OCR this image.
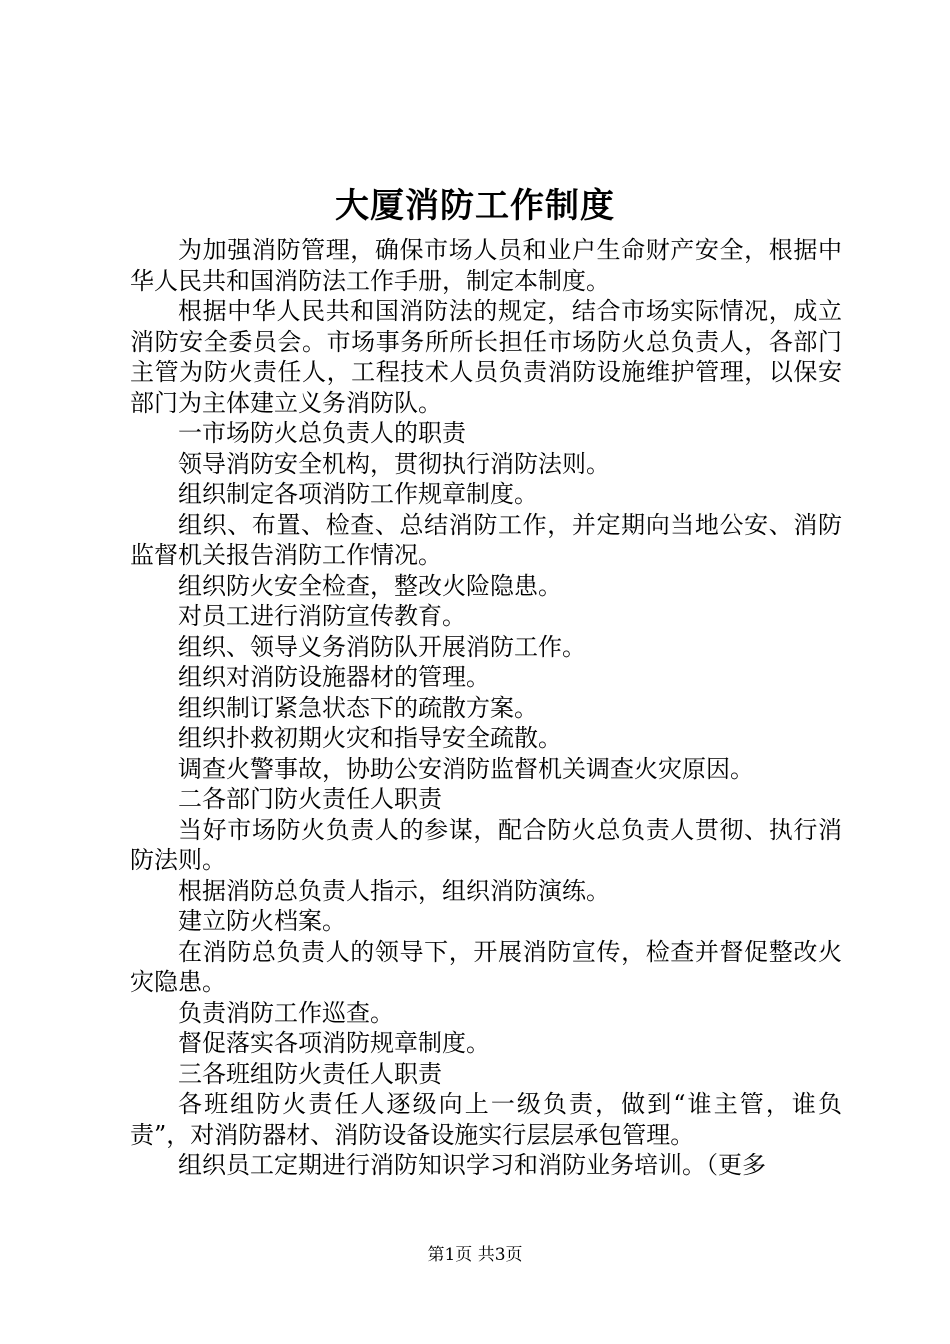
大厦消防工作制度

为加强消防管理，确保市场人员和业户生命财产安全，根据中华人民共和国消防法工作手册，制定本制度。

根据中华人民共和国消防法的规定，结合市场实际情况，成立消防安全委员会。市场事务所所长担任市场防火总负责人，各部门主管为防火责任人，工程技术人员负责消防设施维护管理，以保安部门为主体建立义务消防队。

一市场防火总负责人的职责

领导消防安全机构，贯彻执行消防法则。

组织制定各项消防工作规章制度。

组织、布置、检查、总结消防工作，并定期向当地公安、消防监督机关报告消防工作情况。

组织防火安全检查，整改火险隐患。

对员工进行消防宣传教育。

组织、领导义务消防队开展消防工作。

组织对消防设施器材的管理。

组织制订紧急状态下的疏散方案。

组织扑救初期火灾和指导安全疏散。

调查火警事故，协助公安消防监督机关调查火灾原因。

二各部门防火责任人职责

当好市场防火负责人的参谋，配合防火总负责人贯彻、执行消防法则。

根据消防总负责人指示，组织消防演练。

建立防火档案。

在消防总负责人的领导下，开展消防宣传，检查并督促整改火灾隐患。

负责消防工作巡查。

督促落实各项消防规章制度。

三各班组防火责任人职责

各班组防火责任人逐级向上一级负责，做到“谁主管，谁负责”，对消防器材、消防设备设施实行层层承包管理。

组织员工定期进行消防知识学习和消防业务培训。（更多

第1页 共3页
